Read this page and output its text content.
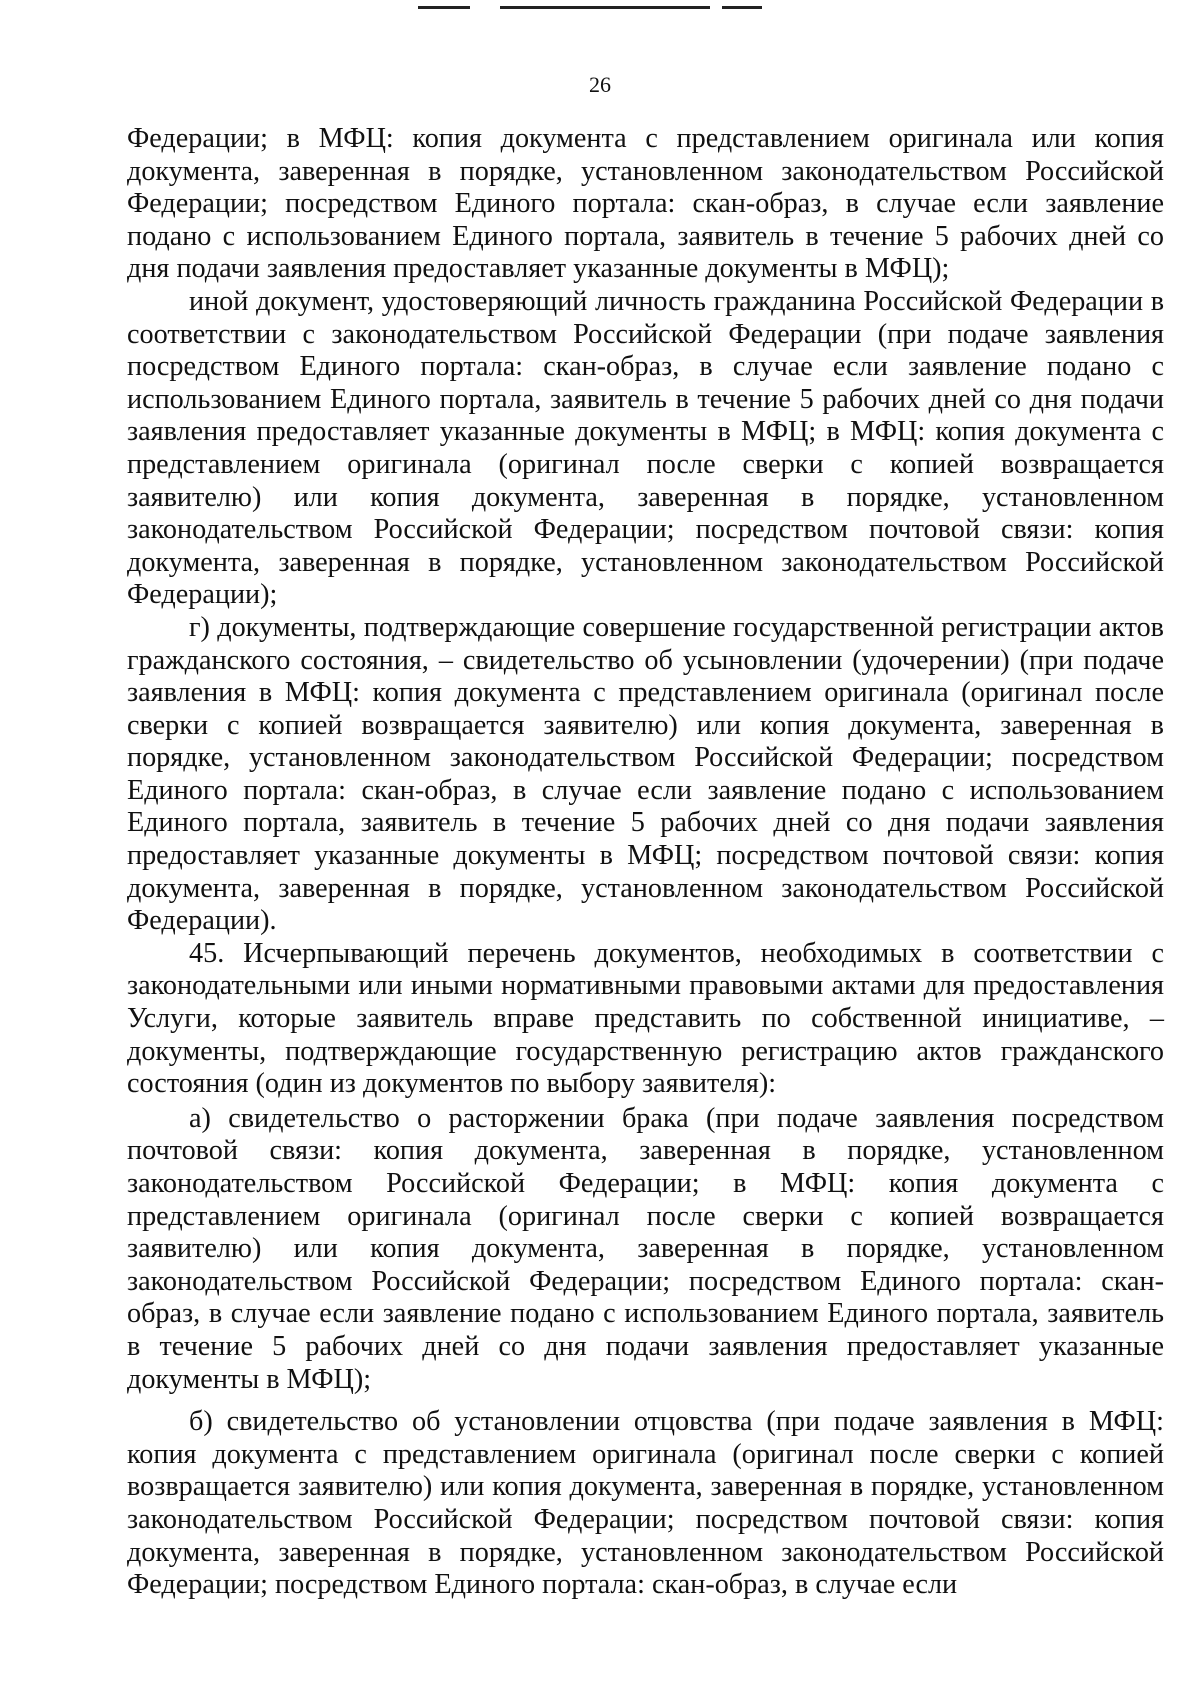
26

Федерации; в МФЦ: копия документа с представлением оригинала или копия документа, заверенная в порядке, установленном законодательством Российской Федерации; посредством Единого портала: скан-образ, в случае если заявление подано с использованием Единого портала, заявитель в течение 5 рабочих дней со дня подачи заявления предоставляет указанные документы в МФЦ);

иной документ, удостоверяющий личность гражданина Российской Федерации в соответствии с законодательством Российской Федерации (при подаче заявления посредством Единого портала: скан-образ, в случае если заявление подано с использованием Единого портала, заявитель в течение 5 рабочих дней со дня подачи заявления предоставляет указанные документы в МФЦ; в МФЦ: копия документа с представлением оригинала (оригинал после сверки с копией возвращается заявителю) или копия документа, заверенная в порядке, установленном законодательством Российской Федерации; посредством почтовой связи: копия документа, заверенная в порядке, установленном законодательством Российской Федерации);

г) документы, подтверждающие совершение государственной регистрации актов гражданского состояния, – свидетельство об усыновлении (удочерении) (при подаче заявления в МФЦ: копия документа с представлением оригинала (оригинал после сверки с копией возвращается заявителю) или копия документа, заверенная в порядке, установленном законодательством Российской Федерации; посредством Единого портала: скан-образ, в случае если заявление подано с использованием Единого портала, заявитель в течение 5 рабочих дней со дня подачи заявления предоставляет указанные документы в МФЦ; посредством почтовой связи: копия документа, заверенная в порядке, установленном законодательством Российской Федерации).

45. Исчерпывающий перечень документов, необходимых в соответствии с законодательными или иными нормативными правовыми актами для предоставления Услуги, которые заявитель вправе представить по собственной инициативе, – документы, подтверждающие государственную регистрацию актов гражданского состояния (один из документов по выбору заявителя):

а) свидетельство о расторжении брака (при подаче заявления посредством почтовой связи: копия документа, заверенная в порядке, установленном законодательством Российской Федерации; в МФЦ: копия документа с представлением оригинала (оригинал после сверки с копией возвращается заявителю) или копия документа, заверенная в порядке, установленном законодательством Российской Федерации; посредством Единого портала: скан-образ, в случае если заявление подано с использованием Единого портала, заявитель в течение 5 рабочих дней со дня подачи заявления предоставляет указанные документы в МФЦ);

б) свидетельство об установлении отцовства (при подаче заявления в МФЦ: копия документа с представлением оригинала (оригинал после сверки с копией возвращается заявителю) или копия документа, заверенная в порядке, установленном законодательством Российской Федерации; посредством почтовой связи: копия документа, заверенная в порядке, установленном законодательством Российской Федерации; посредством Единого портала: скан-образ, в случае если
